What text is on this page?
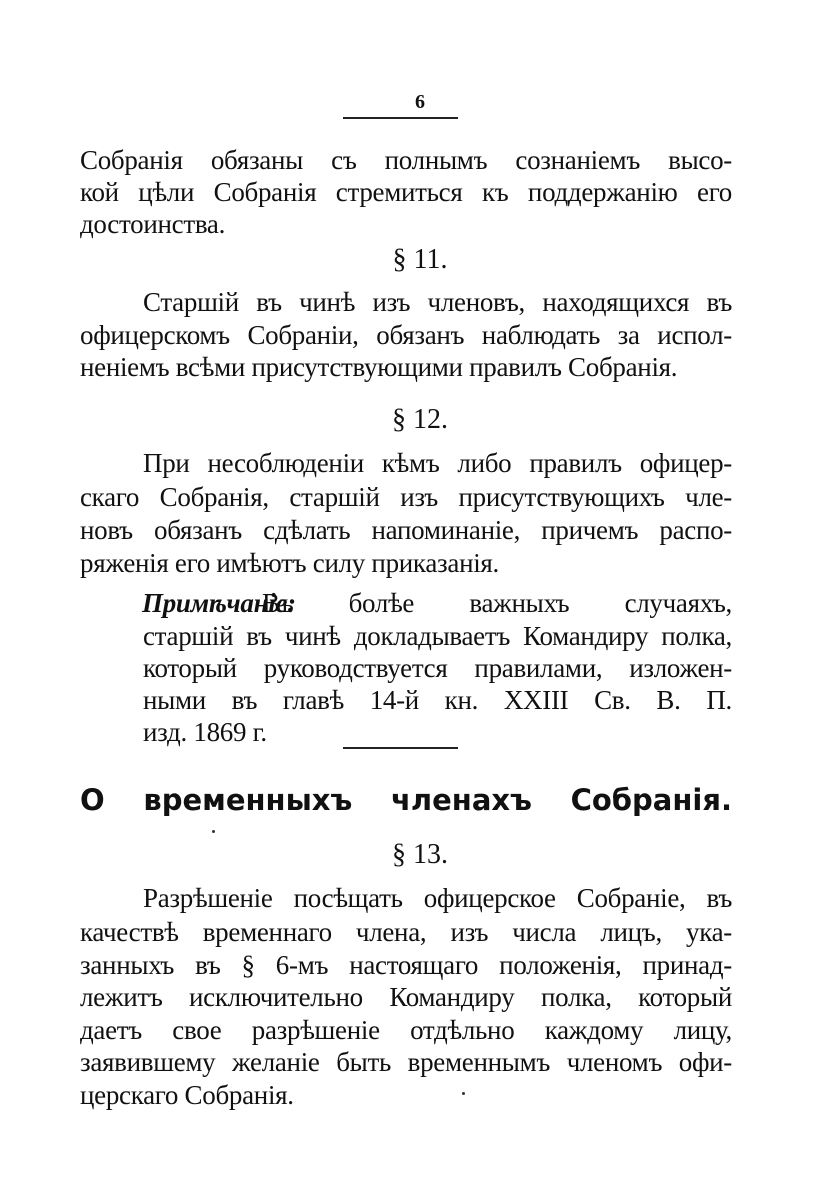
6
Собранія обязаны съ полнымъ сознаніемъ высо-
кой цѣли Собранія стремиться къ поддержанію его
достоинства.
§ 11.
Старшій въ чинѣ изъ членовъ, находящихся въ
офицерскомъ Собраніи, обязанъ наблюдать за испол-
неніемъ всѣми присутствующими правилъ Собранія.
§ 12.
При несоблюденіи кѣмъ либо правилъ офицер-
скаго Собранія, старшій изъ присутствующихъ чле-
новъ обязанъ сдѣлать напоминаніе, причемъ распо-
ряженія его имѣютъ силу приказанія.
Примѣчаніе:
Въ болѣе важныхъ случаяхъ,
старшій въ чинѣ докладываетъ Командиру полка,
который руководствуется правилами, изложен-
ными въ главѣ 14-й кн. XXIII Св. В. П.
изд. 1869 г.
О временныхъ членахъ Собранія.
§ 13.
Разрѣшеніе посѣщать офицерское Собраніе, въ
качествѣ временнаго члена, изъ числа лицъ, ука-
занныхъ въ § 6-мъ настоящаго положенія, принад-
лежитъ исключительно Командиру полка, который
даетъ свое разрѣшеніе отдѣльно каждому лицу,
заявившему желаніе быть временнымъ членомъ офи-
церскаго Собранія.
